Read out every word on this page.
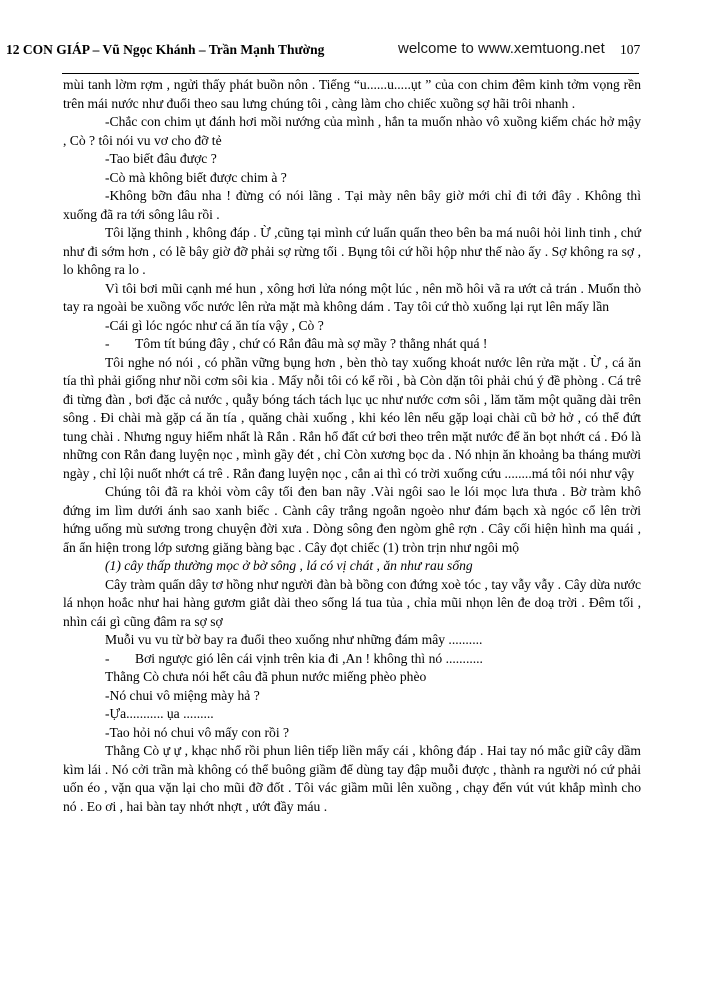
12 CON GIÁP – Vũ Ngọc Khánh – Trần Mạnh Thường	welcome to www.xemtuong.net 107

mùi tanh lờm rợm , ngửi thấy phát buồn nôn . Tiếng “u......u.....ụt ” của con chim đêm kinh tởm vọng rền trên mái nước như đuổi theo sau lưng chúng tôi , càng làm cho chiếc xuồng sợ hãi trôi nhanh .

-Chắc con chim ụt đánh hơi mồi nướng của mình , hắn ta muốn nhào vô xuồng kiếm chác hở mậy , Cò ? tôi nói vu vơ cho đỡ tẻ

-Tao biết đâu được ?

-Cò mà không biết được chim à ?

-Không bỡn đâu nha ! đừng có nói lãng . Tại mày nên bây giờ mới chỉ đi tới đây . Không thì xuống đã ra tới sông lâu rồi .

Tôi lặng thinh , không đáp . Ừ ,cũng tại mình cứ luẩn quẩn theo bên ba má nuôi hỏi linh tinh , chứ như đi sớm hơn , có lẽ bây giờ đỡ phải sợ rừng tối . Bụng tôi cứ hồi hộp như thế nào ấy . Sợ không ra sợ , lo không ra lo .

Vì tôi bơi mũi cạnh mé hun , xông hơi lửa nóng một lúc , nên mồ hôi vã ra ướt cả trán . Muốn thò tay ra ngoài be xuồng vốc nước lên rửa mặt mà không dám . Tay tôi cứ thò xuống lại rụt lên mấy lần

-Cái gì lóc ngóc như cá ăn tía vậy , Cò ?

- Tôm tít búng đây , chứ có Rắn đâu mà sợ mầy ? thằng nhát quá !

Tôi nghe nó nói , có phần vững bụng hơn , bèn thò tay xuống khoát nước lên rửa mặt . Ừ , cá ăn tía thì phải giống như nồi cơm sôi kia . Mấy nỗi tôi có kể rồi , bà Còn dặn tôi phải chú ý đề phòng . Cá trê đi từng đàn , bơi đặc cả nước , quẫy bóng tách tách lục ục như nước cơm sôi , lăm tăm một quãng dài trên sông . Đi chài mà gặp cá ăn tía , quăng chài xuống , khi kéo lên nếu gặp loại chài cũ bở hở , có thể đứt tung chài . Nhưng nguy hiểm nhất là Rắn . Rắn hổ đất cứ bơi theo trên mặt nước để ăn bọt nhớt cá . Đó là những con Rắn đang luyện nọc , mình gầy đét , chỉ Còn xương bọc da . Nó nhịn ăn khoảng ba tháng mười ngày , chỉ lội nuốt nhớt cá trê . Rắn đang luyện nọc , cắn ai thì có trời xuống cứu ........má tôi nói như vậy

Chúng tôi đã ra khỏi vòm cây tối đen ban nãy .Vài ngôi sao le lói mọc lưa thưa . Bờ tràm khô đứng im lìm dưới ánh sao xanh biếc . Cành cây trắng ngoằn ngoèo như đám bạch xà ngóc cổ lên trời hứng uống mù sương trong chuyện đời xưa . Dòng sông đen ngòm ghê rợn . Cây cối hiện hình ma quái , ẩn ẩn hiện trong lớp sương giăng bàng bạc . Cây đọt chiếc (1) tròn trịn như ngôi mộ

(1) cây thấp thường mọc ở bờ sông , lá có vị chát , ăn như rau sống

Cây tràm quấn dây tơ hồng như người đàn bà bồng con đứng xoè tóc , tay vẫy vẫy . Cây dừa nước lá nhọn hoắc như hai hàng gươm giắt dài theo sống lá tua tủa , chỉa mũi nhọn lên đe doạ trời . Đêm tối , nhìn cái gì cũng đâm ra sợ sợ

Muỗi vu vu từ bờ bay ra đuổi theo xuống như những đám mây ..........

- Bơi ngược gió lên cái vịnh trên kia đi ,An ! không thì nó ...........

Thằng Cò chưa nói hết câu đã phun nước miếng phèo phèo

-Nó chui vô miệng mày hả ?

-Ựa........... ụa .........

-Tao hỏi nó chui vô mấy con rồi ?

Thằng Cò ự ự , khạc nhổ rồi phun liên tiếp liền mấy cái , không đáp . Hai tay nó mắc giữ cây dầm kìm lái . Nó cởi trần mà không có thể buông giầm để dùng tay đập muỗi được , thành ra người nó cứ phải uốn éo , vặn qua vặn lại cho mũi đỡ đốt . Tôi vác giầm mũi lên xuồng , chạy đến vút vút khắp mình cho nó . Eo ơi , hai bàn tay nhớt nhợt , ướt đầy máu .
